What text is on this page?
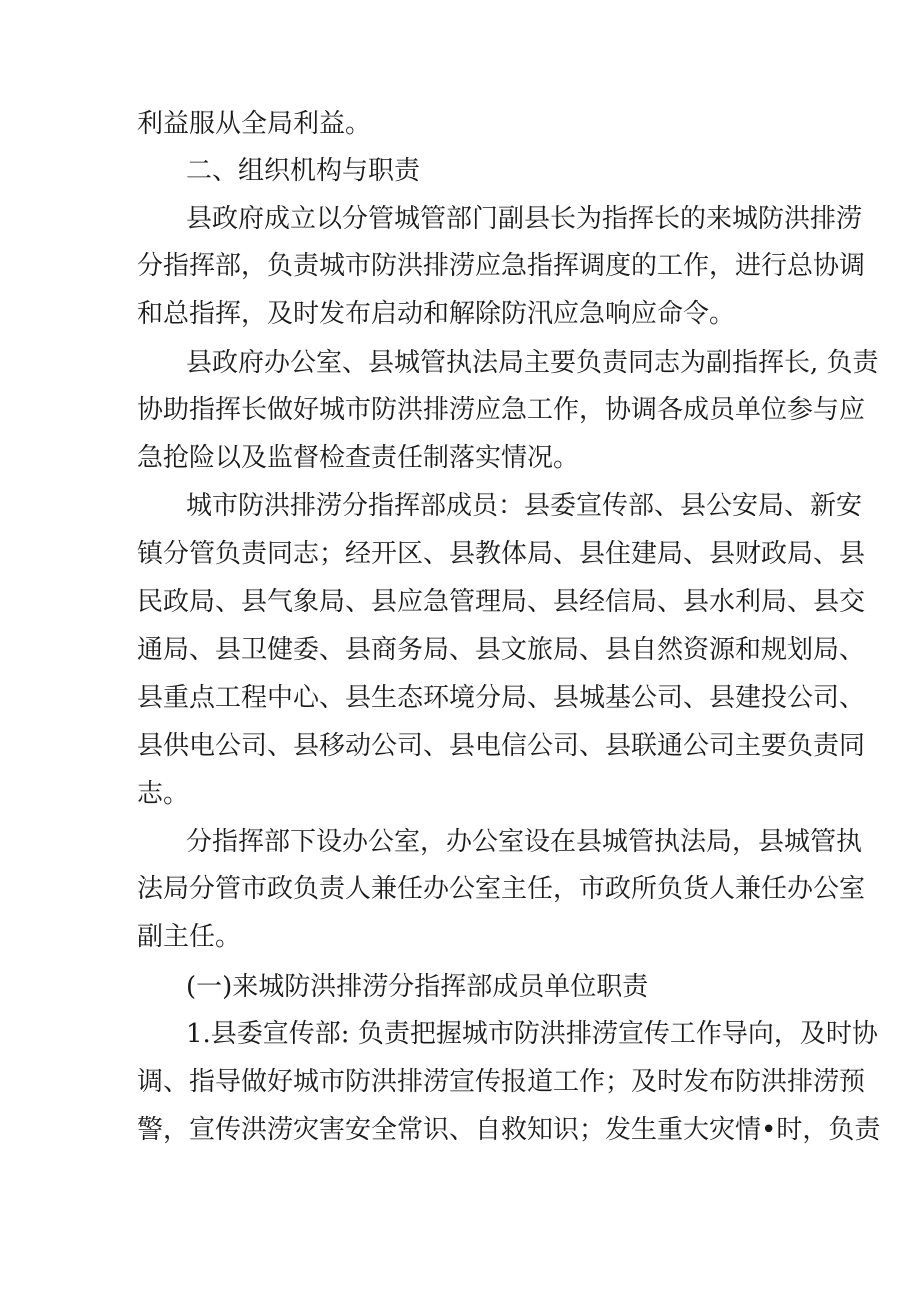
利益服从全局利益。
二、组织机构与职责
县政府成立以分管城管部门副县长为指挥长的来城防洪排涝
分指挥部，负责城市防洪排涝应急指挥调度的工作，进行总协调
和总指挥，及时发布启动和解除防汛应急响应命令。
县政府办公室、县城管执法局主要负责同志为副指挥长, 负责
协助指挥长做好城市防洪排涝应急工作，协调各成员单位参与应
急抢险以及监督检查责任制落实情况。
城市防洪排涝分指挥部成员：县委宣传部、县公安局、新安
镇分管负责同志；经开区、县教体局、县住建局、县财政局、县
民政局、县气象局、县应急管理局、县经信局、县水利局、县交
通局、县卫健委、县商务局、县文旅局、县自然资源和规划局、
县重点工程中心、县生态环境分局、县城基公司、县建投公司、
县供电公司、县移动公司、县电信公司、县联通公司主要负责同
志。
分指挥部下设办公室，办公室设在县城管执法局，县城管执
法局分管市政负责人兼任办公室主任，市政所负货人兼任办公室
副主任。
(一)来城防洪排涝分指挥部成员单位职责
1.县委宣传部: 负责把握城市防洪排涝宣传工作导向，及时协
调、指导做好城市防洪排涝宣传报道工作；及时发布防洪排涝预
警，宣传洪涝灾害安全常识、自救知识；发生重大灾情•时，负责
